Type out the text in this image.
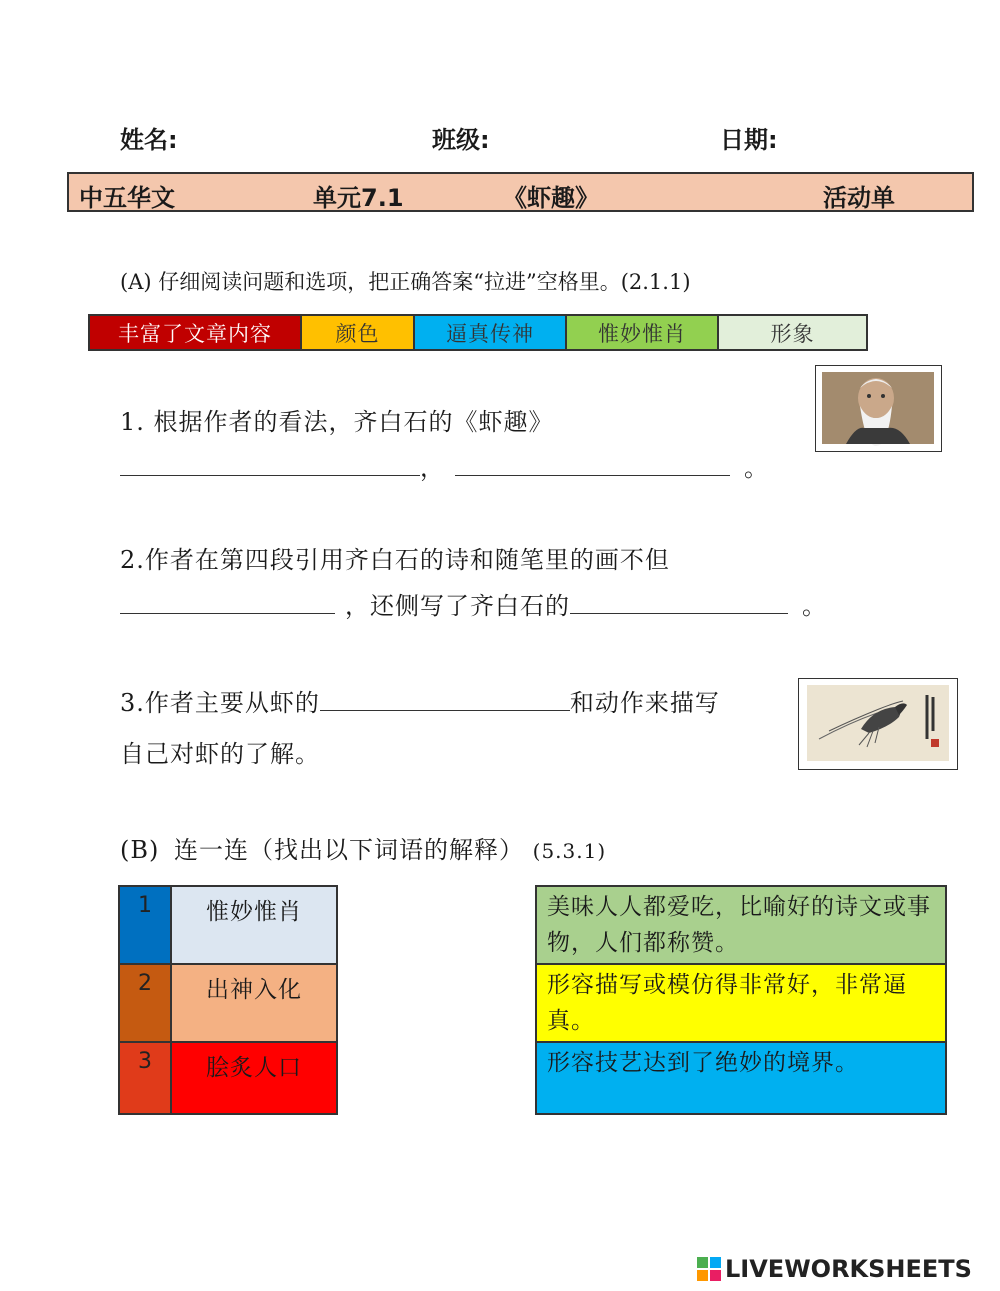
姓名:	班级:	日期:
中五华文	单元7.1	《虾趣》	活动单
(A) 仔细阅读问题和选项，把正确答案“拉进”空格里。(2.1.1)
丰富了文章内容	颜色	逼真传神	惟妙惟肖	形象
1. 根据作者的看法，齐白石的《虾趣》
，	。
2.作者在第四段引用齐白石的诗和随笔里的画不但
，还侧写了齐白石的	。
3.作者主要从虾的	和动作来描写
自己对虾的了解。
(B) 连一连（找出以下词语的解释） (5.3.1)
1	惟妙惟肖
2	出神入化
3	脍炙人口
美味人人都爱吃，比喻好的诗文或事物，人们都称赞。
形容描写或模仿得非常好，非常逼真。
形容技艺达到了绝妙的境界。
LIVEWORKSHEETS
